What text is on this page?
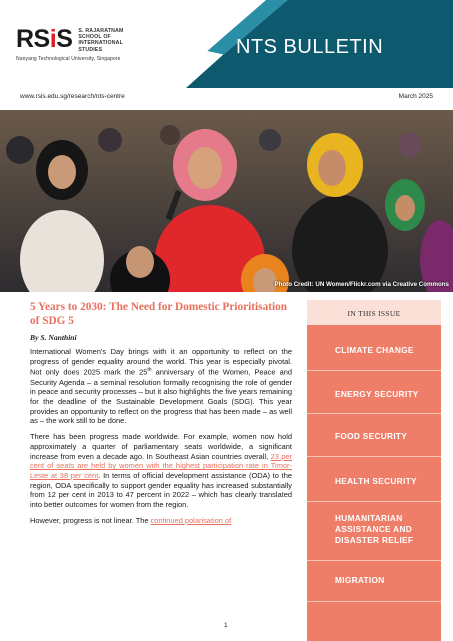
RSiS S. RAJARATNAM SCHOOL OF INTERNATIONAL STUDIES
Nanyang Technological University, Singapore
NTS BULLETIN
www.rsis.edu.sg/research/nts-centre	March 2025
Photo Credit: UN Women/Flickr.com via Creative Commons
5 Years to 2030: The Need for Domestic Prioritisation of SDG 5
By S. Nanthini

International Women's Day brings with it an opportunity to reflect on the progress of gender equality around the world. This year is especially pivotal. Not only does 2025 mark the 25th anniversary of the Women, Peace and Security Agenda – a seminal resolution formally recognising the role of gender in peace and security processes – but it also highlights the five years remaining for the deadline of the Sustainable Development Goals (SDG). This year provides an opportunity to reflect on the progress that has been made – as well as – the work still to be done.

There has been progress made worldwide. For example, women now hold approximately a quarter of parliamentary seats worldwide, a significant increase from even a decade ago. In Southeast Asian countries overall, 23 per cent of seats are held by women with the highest participation rate in Timor-Leste at 38 per cent. In terms of official development assistance (ODA) to the region, ODA specifically to support gender equality has increased substantially from 12 per cent in 2013 to 47 percent in 2022 – which has clearly translated into better outcomes for women from the region.

However, progress is not linear. The continued polarisation of

1
IN THIS ISSUE
CLIMATE CHANGE
ENERGY SECURITY
FOOD SECURITY
HEALTH SECURITY
HUMANITARIAN ASSISTANCE AND DISASTER RELIEF
MIGRATION
